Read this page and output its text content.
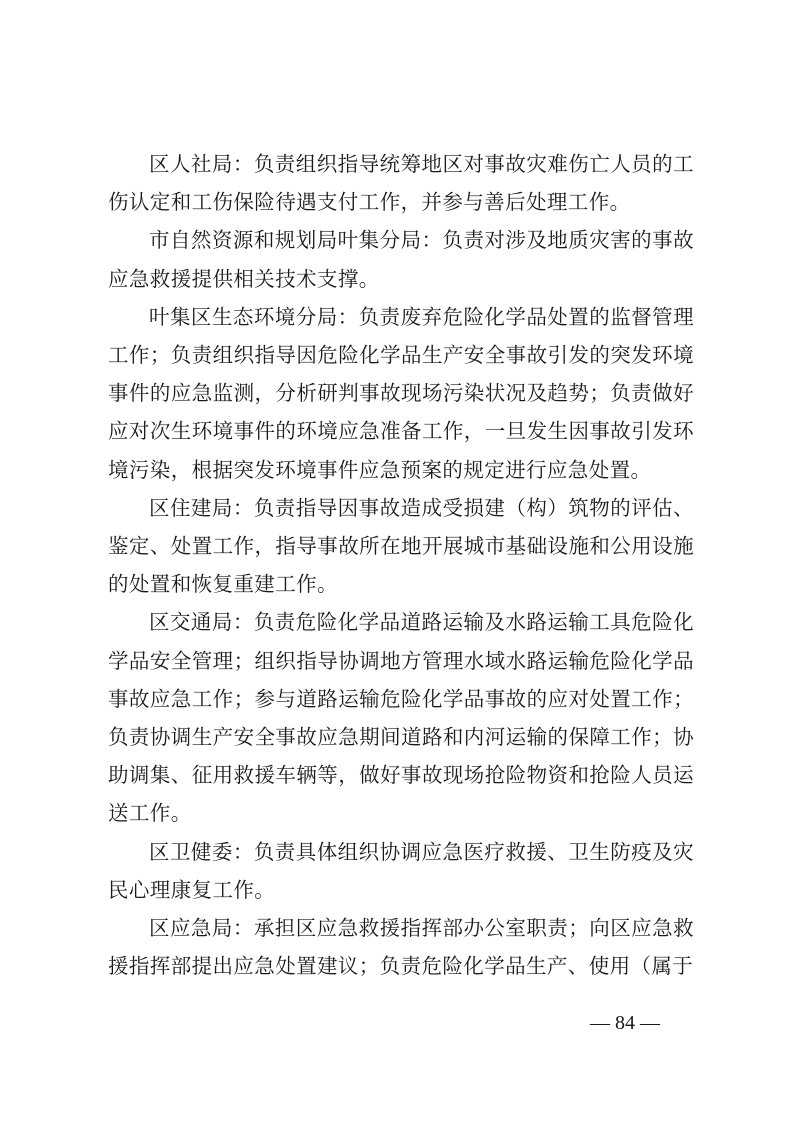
区人社局：负责组织指导统筹地区对事故灾难伤亡人员的工伤认定和工伤保险待遇支付工作，并参与善后处理工作。

市自然资源和规划局叶集分局：负责对涉及地质灾害的事故应急救援提供相关技术支撑。

叶集区生态环境分局：负责废弃危险化学品处置的监督管理工作；负责组织指导因危险化学品生产安全事故引发的突发环境事件的应急监测，分析研判事故现场污染状况及趋势；负责做好应对次生环境事件的环境应急准备工作，一旦发生因事故引发环境污染，根据突发环境事件应急预案的规定进行应急处置。

区住建局：负责指导因事故造成受损建（构）筑物的评估、鉴定、处置工作，指导事故所在地开展城市基础设施和公用设施的处置和恢复重建工作。

区交通局：负责危险化学品道路运输及水路运输工具危险化学品安全管理；组织指导协调地方管理水域水路运输危险化学品事故应急工作；参与道路运输危险化学品事故的应对处置工作；负责协调生产安全事故应急期间道路和内河运输的保障工作；协助调集、征用救援车辆等，做好事故现场抢险物资和抢险人员运送工作。

区卫健委：负责具体组织协调应急医疗救援、卫生防疫及灾民心理康复工作。

区应急局：承担区应急救援指挥部办公室职责；向区应急救援指挥部提出应急处置建议；负责危险化学品生产、使用（属于

— 84 —
